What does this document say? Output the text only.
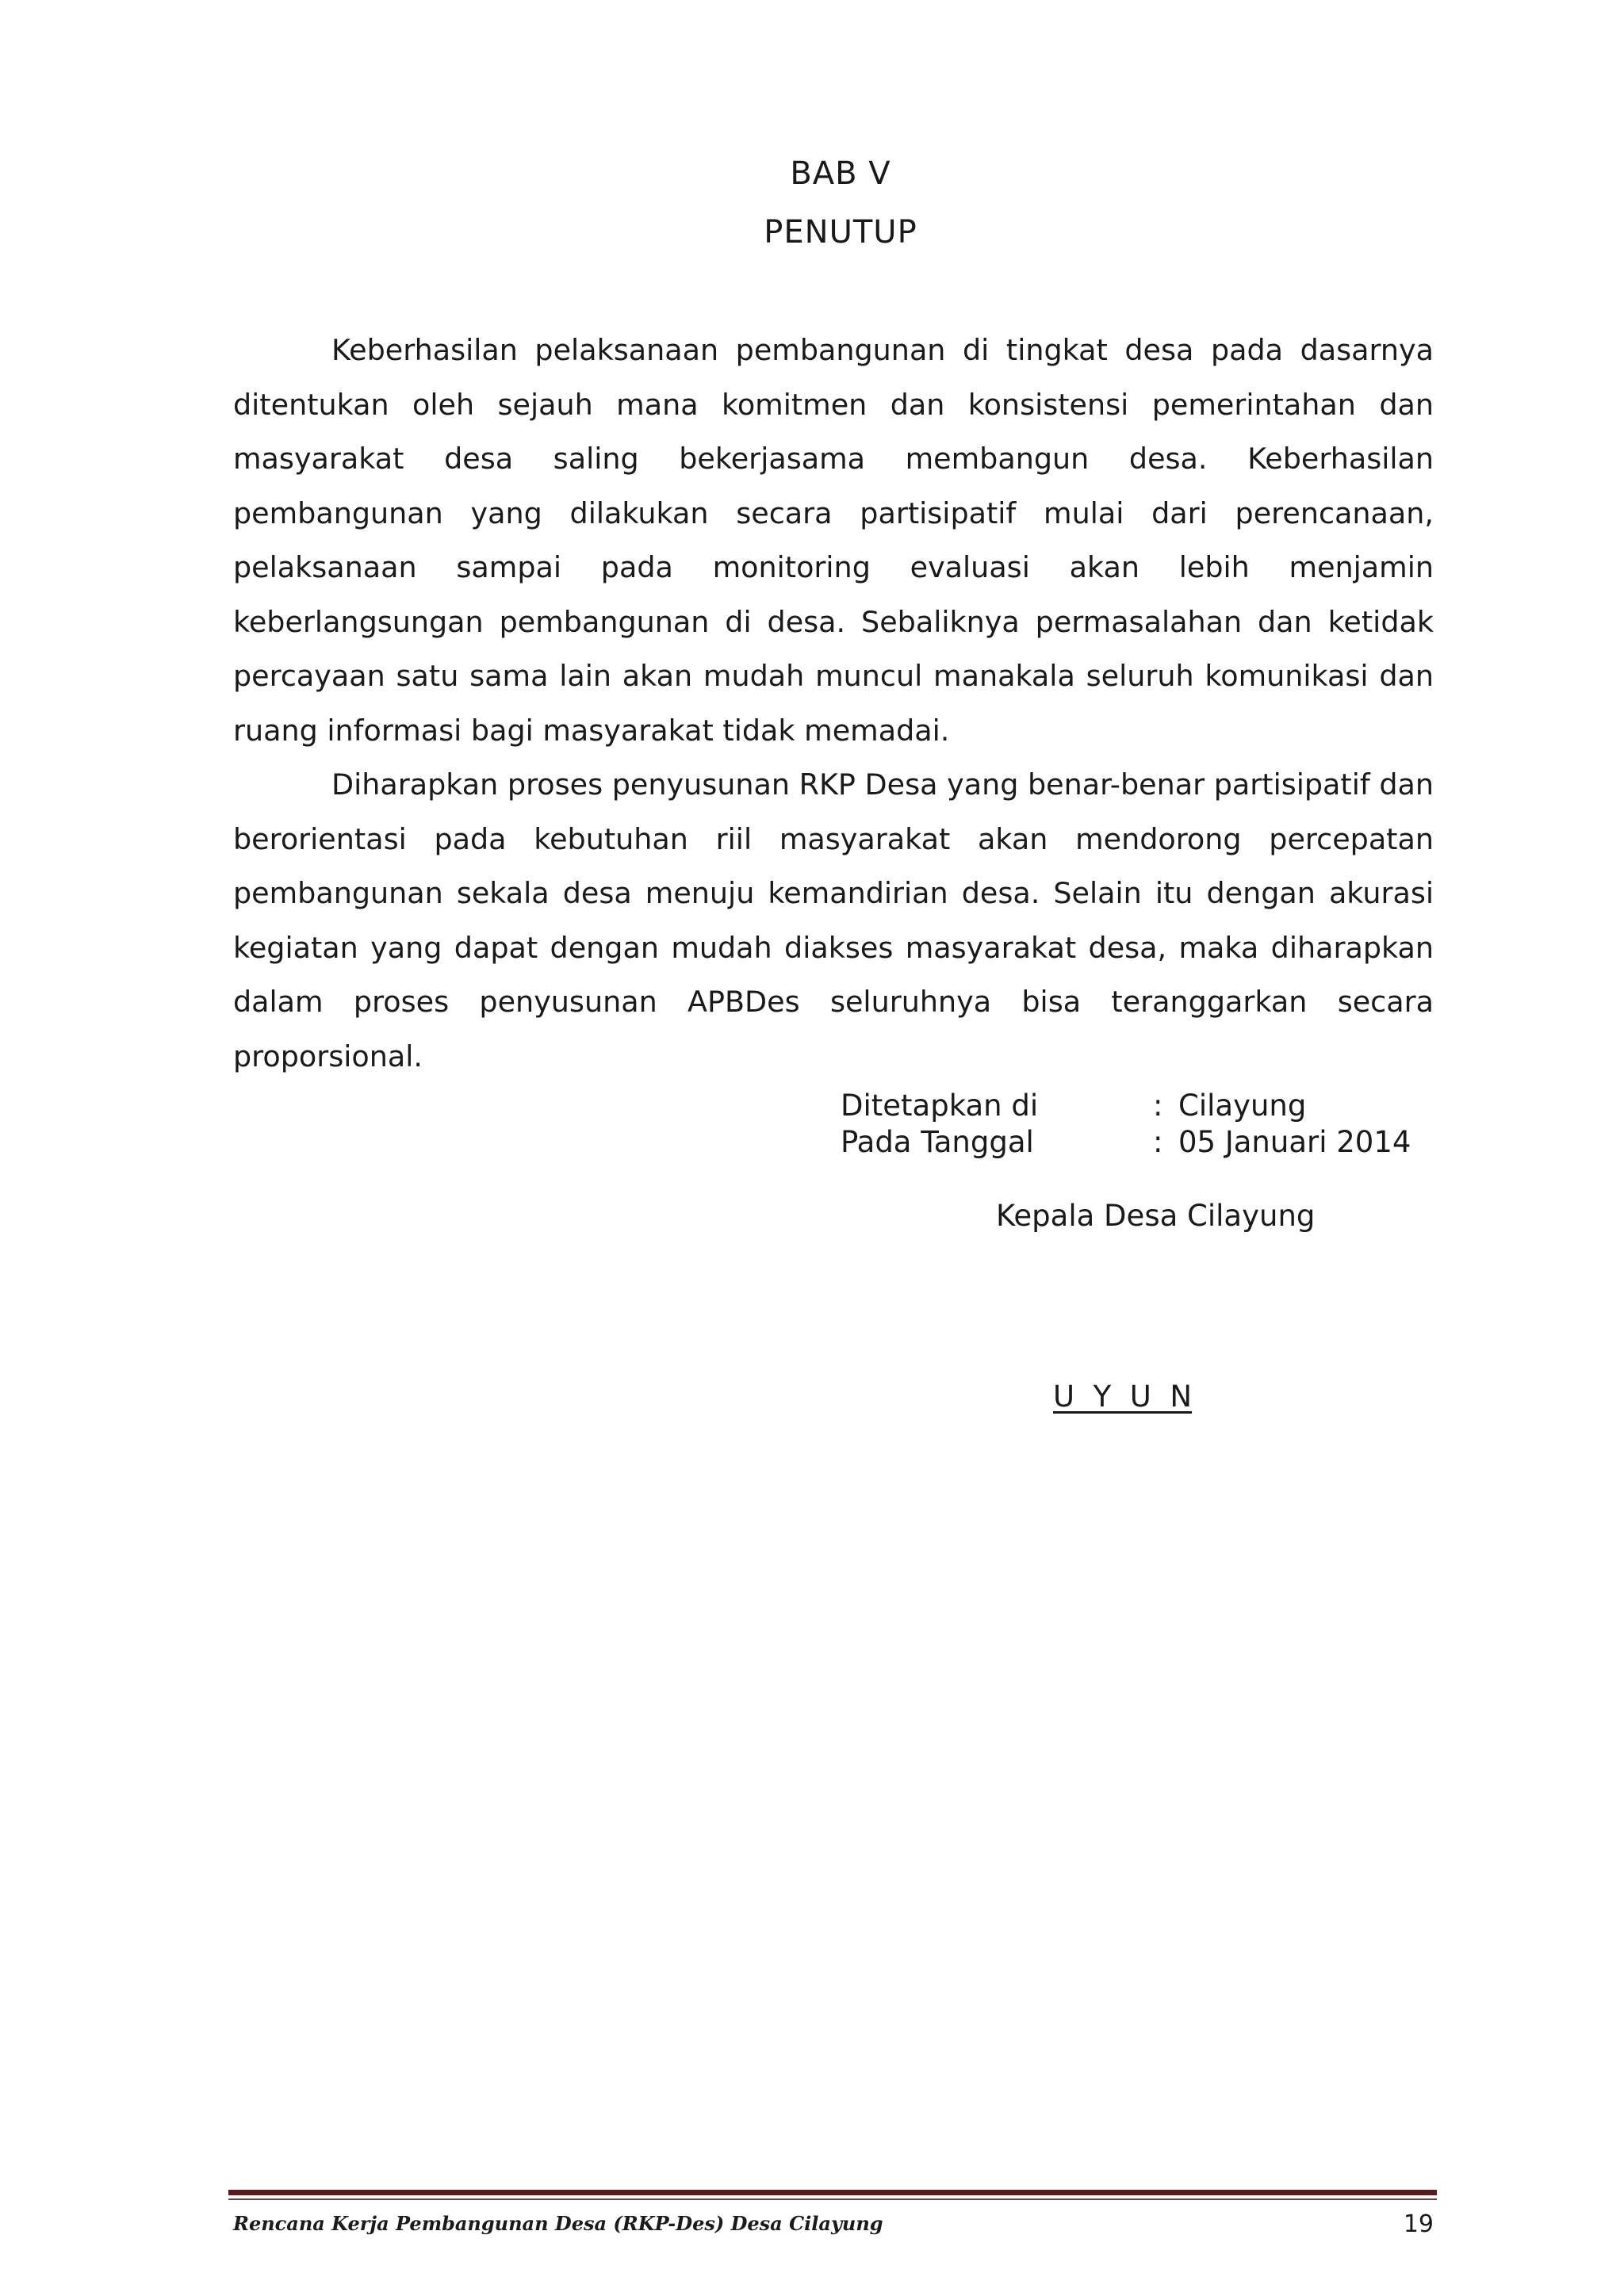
BAB V
PENUTUP

Keberhasilan pelaksanaan pembangunan di tingkat desa pada dasarnya ditentukan oleh sejauh mana komitmen dan konsistensi pemerintahan dan masyarakat desa saling bekerjasama membangun desa. Keberhasilan pembangunan yang dilakukan secara partisipatif mulai dari perencanaan, pelaksanaan sampai pada monitoring evaluasi akan lebih menjamin keberlangsungan pembangunan di desa. Sebaliknya permasalahan dan ketidak percayaan satu sama lain akan mudah muncul manakala seluruh komunikasi dan ruang informasi bagi masyarakat tidak memadai.

Diharapkan proses penyusunan RKP Desa yang benar-benar partisipatif dan berorientasi pada kebutuhan riil masyarakat akan mendorong percepatan pembangunan sekala desa menuju kemandirian desa. Selain itu dengan akurasi kegiatan yang dapat dengan mudah diakses masyarakat desa, maka diharapkan dalam proses penyusunan APBDes seluruhnya bisa teranggarkan secara proporsional.

Ditetapkan di	: Cilayung
Pada Tanggal	: 05 Januari 2014
Kepala Desa Cilayung
U  Y  U  N
Rencana Kerja Pembangunan Desa (RKP-Des) Desa Cilayung	19
